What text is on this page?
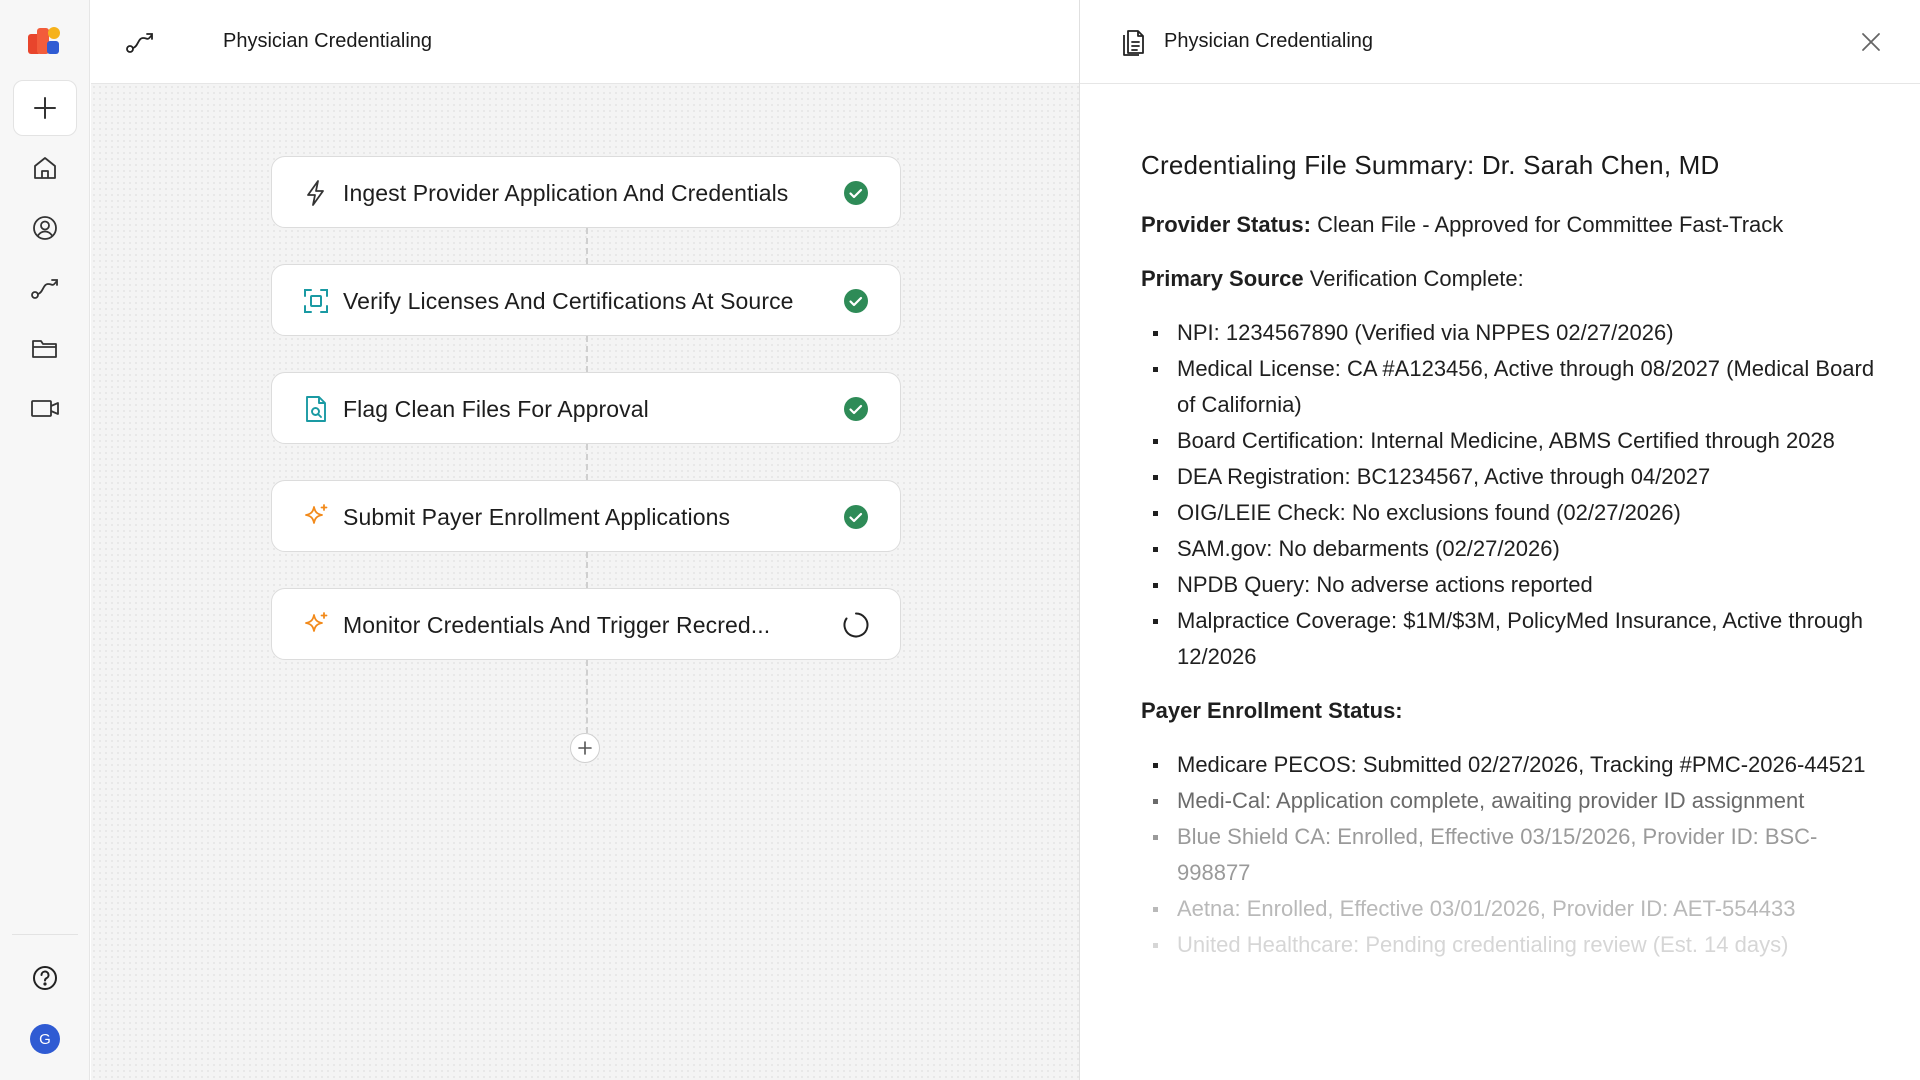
G
Physician Credentialing
Ingest Provider Application And Credentials
Verify Licenses And Certifications At Source
Flag Clean Files For Approval
Submit Payer Enrollment Applications
Monitor Credentials And Trigger Recred...
Physician Credentialing
Credentialing File Summary: Dr. Sarah Chen, MD

Provider Status: Clean File - Approved for Committee Fast-Track

Primary Source Verification Complete:

NPI: 1234567890 (Verified via NPPES 02/27/2026)
Medical License: CA #A123456, Active through 08/2027 (Medical Board of California)
Board Certification: Internal Medicine, ABMS Certified through 2028
DEA Registration: BC1234567, Active through 04/2027
OIG/LEIE Check: No exclusions found (02/27/2026)
SAM.gov: No debarments (02/27/2026)
NPDB Query: No adverse actions reported
Malpractice Coverage: $1M/$3M, PolicyMed Insurance, Active through 12/2026

Payer Enrollment Status:

Medicare PECOS: Submitted 02/27/2026, Tracking #PMC-2026-44521
Medi-Cal: Application complete, awaiting provider ID assignment
Blue Shield CA: Enrolled, Effective 03/15/2026, Provider ID: BSC-998877
Aetna: Enrolled, Effective 03/01/2026, Provider ID: AET-554433
United Healthcare: Pending credentialing review (Est. 14 days)
